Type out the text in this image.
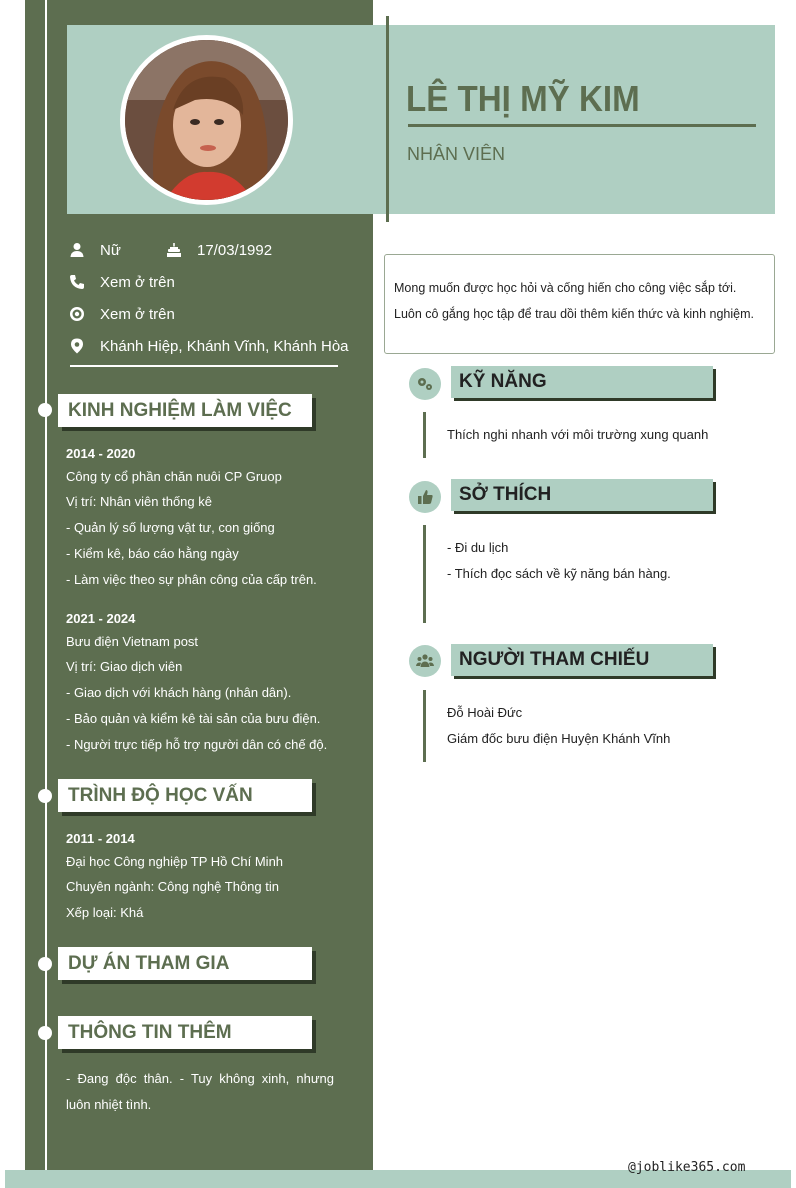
LÊ THỊ MỸ KIM
NHÂN VIÊN
Nữ	17/03/1992
Xem ở trên
Xem ở trên
Khánh Hiệp, Khánh Vĩnh, Khánh Hòa
KINH NGHIỆM LÀM VIỆC
2014 - 2020
Công ty cổ phần chăn nuôi CP Gruop
Vị trí: Nhân viên thống kê
- Quản lý số lượng vật tư, con giống
- Kiểm kê, báo cáo hằng ngày
- Làm việc theo sự phân công của cấp trên.
2021 - 2024
Bưu điện Vietnam post
Vị trí: Giao dịch viên
- Giao dịch với khách hàng (nhân dân).
- Bảo quản và kiểm kê tài sản của bưu điện.
- Người trực tiếp hỗ trợ người dân có chế độ.
TRÌNH ĐỘ HỌC VẤN
2011 - 2014
Đại học Công nghiệp TP Hồ Chí Minh
Chuyên ngành: Công nghệ Thông tin
Xếp loại: Khá
DỰ ÁN THAM GIA
THÔNG TIN THÊM
- Đang độc thân. - Tuy không xinh, nhưng luôn nhiệt tình.
Mong muốn được học hỏi và cống hiến cho công việc sắp tới. Luôn cô gắng học tập để trau dồi thêm kiến thức và kinh nghiệm.
KỸ NĂNG
Thích nghi nhanh với môi trường xung quanh
SỞ THÍCH
- Đi du lịch
- Thích đọc sách về kỹ năng bán hàng.
NGƯỜI THAM CHIẾU
Đỗ Hoài Đức
Giám đốc bưu điện Huyện Khánh Vĩnh
@joblike365.com
